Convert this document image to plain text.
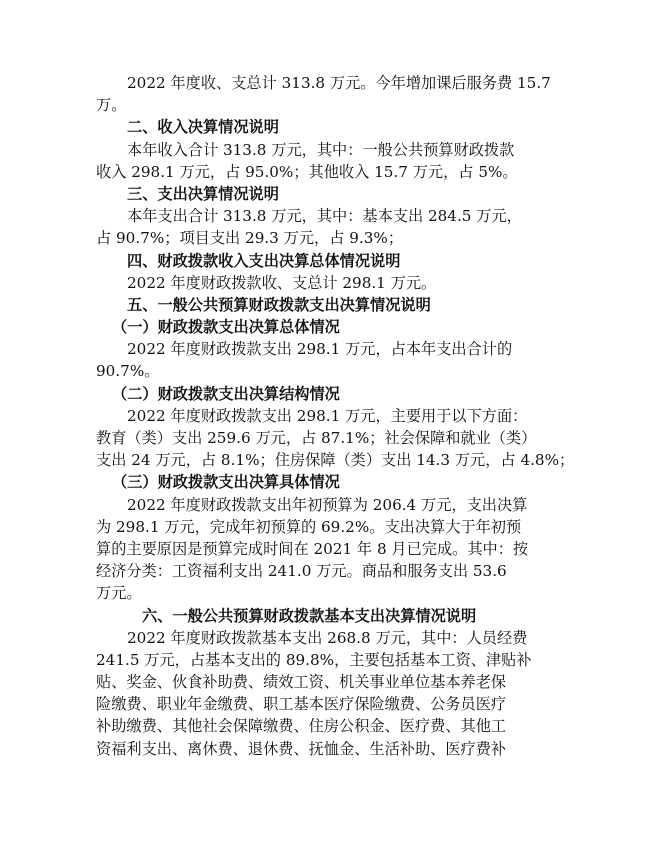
2022 年度收、支总计 313.8 万元。今年增加课后服务费 15.7
万。
二、收入决算情况说明
本年收入合计 313.8 万元，其中：一般公共预算财政拨款
收入 298.1 万元，占 95.0%；其他收入 15.7 万元，占 5%。
三、支出决算情况说明
本年支出合计 313.8 万元，其中：基本支出 284.5 万元，
占 90.7%；项目支出 29.3 万元，占 9.3%；
四、财政拨款收入支出决算总体情况说明
2022 年度财政拨款收、支总计 298.1 万元。
五、一般公共预算财政拨款支出决算情况说明
（一）财政拨款支出决算总体情况
2022 年度财政拨款支出 298.1 万元，占本年支出合计的
90.7%。
（二）财政拨款支出决算结构情况
2022 年度财政拨款支出 298.1 万元，主要用于以下方面：
教育（类）支出 259.6 万元，占 87.1%；社会保障和就业（类）
支出 24 万元，占 8.1%；住房保障（类）支出 14.3 万元，占 4.8%；
（三）财政拨款支出决算具体情况
2022 年度财政拨款支出年初预算为 206.4 万元，支出决算
为 298.1 万元，完成年初预算的 69.2%。支出决算大于年初预
算的主要原因是预算完成时间在 2021 年 8 月已完成。其中：按
经济分类：工资福利支出 241.0 万元。商品和服务支出 53.6
万元。
六、一般公共预算财政拨款基本支出决算情况说明
2022 年度财政拨款基本支出 268.8 万元，其中：人员经费
241.5 万元，占基本支出的 89.8%，主要包括基本工资、津贴补
贴、奖金、伙食补助费、绩效工资、机关事业单位基本养老保
险缴费、职业年金缴费、职工基本医疗保险缴费、公务员医疗
补助缴费、其他社会保障缴费、住房公积金、医疗费、其他工
资福利支出、离休费、退休费、抚恤金、生活补助、医疗费补
